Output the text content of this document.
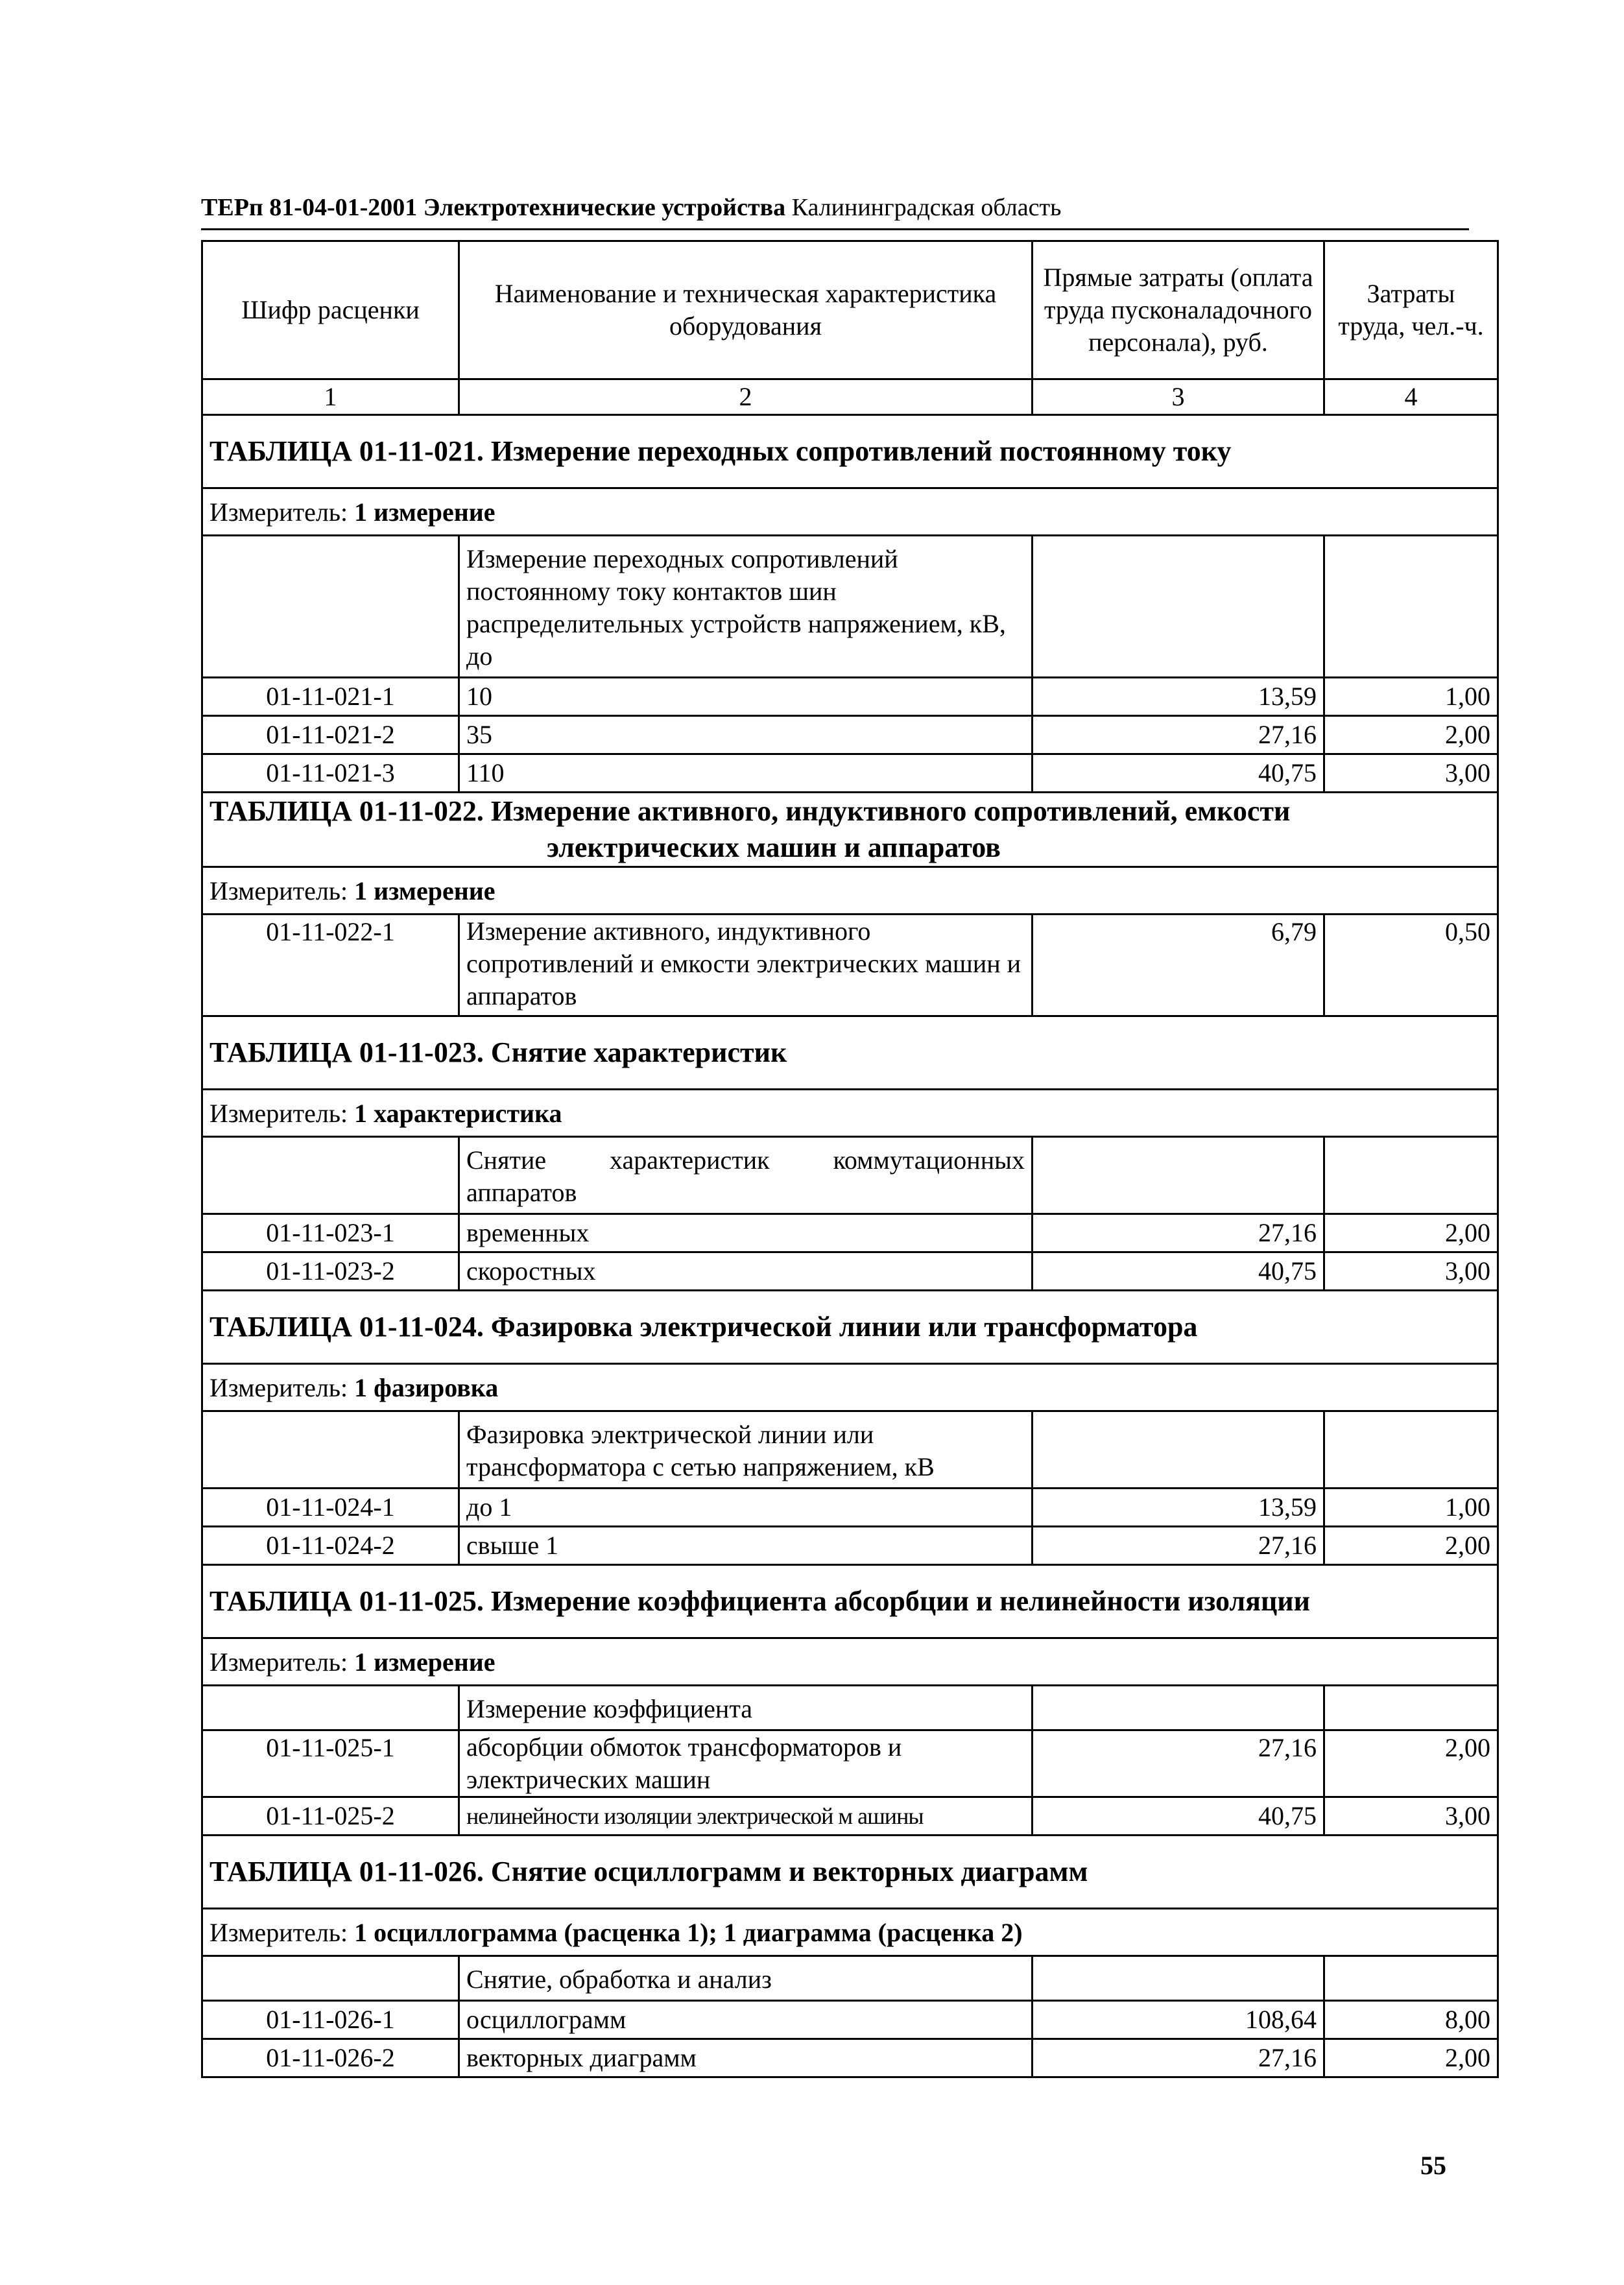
ТЕРп 81-04-01-2001 Электротехнические устройства Калининградская область
Шифр расценки	Наименование и техническая характеристика оборудования	Прямые затраты (оплата труда пусконаладочного персонала), руб.	Затраты труда, чел.-ч.
1	2	3	4
ТАБЛИЦА 01-11-021. Измерение переходных сопротивлений постоянному току			
Измеритель: 1 измерение			
	Измерение переходных сопротивлений постоянному току контактов шин распределительных устройств напряжением, кВ, до		
01-11-021-1	10	13,59	1,00
01-11-021-2	35	27,16	2,00
01-11-021-3	110	40,75	3,00

ТАБЛИЦА 01-11-022. Измерение активного, индуктивного сопротивлений, емкости
электрических машин и аппаратов			

Измеритель: 1 измерение			
01-11-022-1	Измерение активного, индуктивного сопротивлений и емкости электрических машин и аппаратов	6,79	0,50
ТАБЛИЦА 01-11-023. Снятие характеристик			
Измеритель: 1 характеристика			
	Снятие характеристик коммутационных аппаратов		
01-11-023-1	временных	27,16	2,00
01-11-023-2	скоростных	40,75	3,00
ТАБЛИЦА 01-11-024. Фазировка электрической линии или трансформатора			
Измеритель: 1 фазировка			
	Фазировка электрической линии или трансформатора с сетью напряжением, кВ		
01-11-024-1	до 1	13,59	1,00
01-11-024-2	свыше 1	27,16	2,00
ТАБЛИЦА 01-11-025. Измерение коэффициента абсорбции и нелинейности изоляции			
Измеритель: 1 измерение			
	Измерение коэффициента		
01-11-025-1	абсорбции обмоток трансформаторов и электрических машин	27,16	2,00
01-11-025-2	нелинейности изоляции электрической м ашины	40,75	3,00
ТАБЛИЦА 01-11-026. Снятие осциллограмм и векторных диаграмм			
Измеритель: 1 осциллограмма (расценка 1); 1 диаграмма (расценка 2)			
	Снятие, обработка и анализ		
01-11-026-1	осциллограмм	108,64	8,00
01-11-026-2	векторных диаграмм	27,16	2,00
55
